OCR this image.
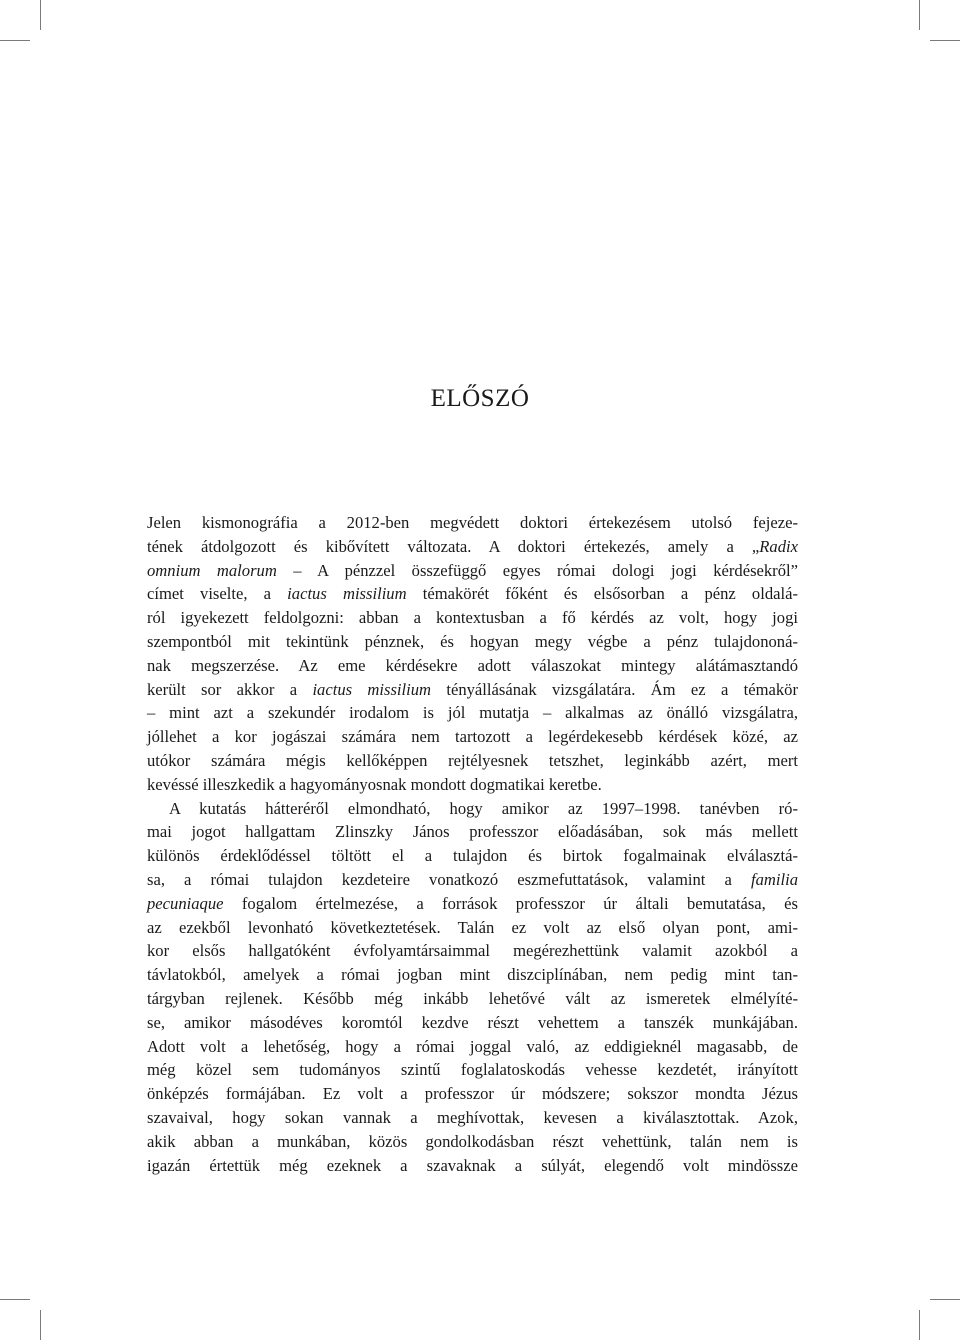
ELŐSZÓ
Jelen kismonográfia a 2012-ben megvédett doktori értekezésem utolsó fejeze-
tének átdolgozott és kibővített változata. A doktori értekezés, amely a „Radix
omnium malorum – A pénzzel összefüggő egyes római dologi jogi kérdésekről”
címet viselte, a iactus missilium témakörét főként és elsősorban a pénz oldalá-
ról igyekezett feldolgozni: abban a kontextusban a fő kérdés az volt, hogy jogi
szempontból mit tekintünk pénznek, és hogyan megy végbe a pénz tulajdononá-
nak megszerzése. Az eme kérdésekre adott válaszokat mintegy alátámasztandó
került sor akkor a iactus missilium tényállásának vizsgálatára. Ám ez a témakör
– mint azt a szekundér irodalom is jól mutatja – alkalmas az önálló vizsgálatra,
jóllehet a kor jogászai számára nem tartozott a legérdekesebb kérdések közé, az
utókor számára mégis kellőképpen rejtélyesnek tetszhet, leginkább azért, mert
kevéssé illeszkedik a hagyományosnak mondott dogmatikai keretbe.
A kutatás hátteréről elmondható, hogy amikor az 1997–1998. tanévben ró-
mai jogot hallgattam Zlinszky János professzor előadásában, sok más mellett
különös érdeklődéssel töltött el a tulajdon és birtok fogalmainak elválasztá-
sa, a római tulajdon kezdeteire vonatkozó eszmefuttatások, valamint a familia
pecuniaque fogalom értelmezése, a források professzor úr általi bemutatása, és
az ezekből levonható következtetések. Talán ez volt az első olyan pont, ami-
kor elsős hallgatóként évfolyamtársaimmal megérezhettünk valamit azokból a
távlatokból, amelyek a római jogban mint diszciplínában, nem pedig mint tan-
tárgyban rejlenek. Később még inkább lehetővé vált az ismeretek elmélyíté-
se, amikor másodéves koromtól kezdve részt vehettem a tanszék munkájában.
Adott volt a lehetőség, hogy a római joggal való, az eddigieknél magasabb, de
még közel sem tudományos szintű foglalatoskodás vehesse kezdetét, irányított
önképzés formájában. Ez volt a professzor úr módszere; sokszor mondta Jézus
szavaival, hogy sokan vannak a meghívottak, kevesen a kiválasztottak. Azok,
akik abban a munkában, közös gondolkodásban részt vehettünk, talán nem is
igazán értettük még ezeknek a szavaknak a súlyát, elegendő volt mindössze
